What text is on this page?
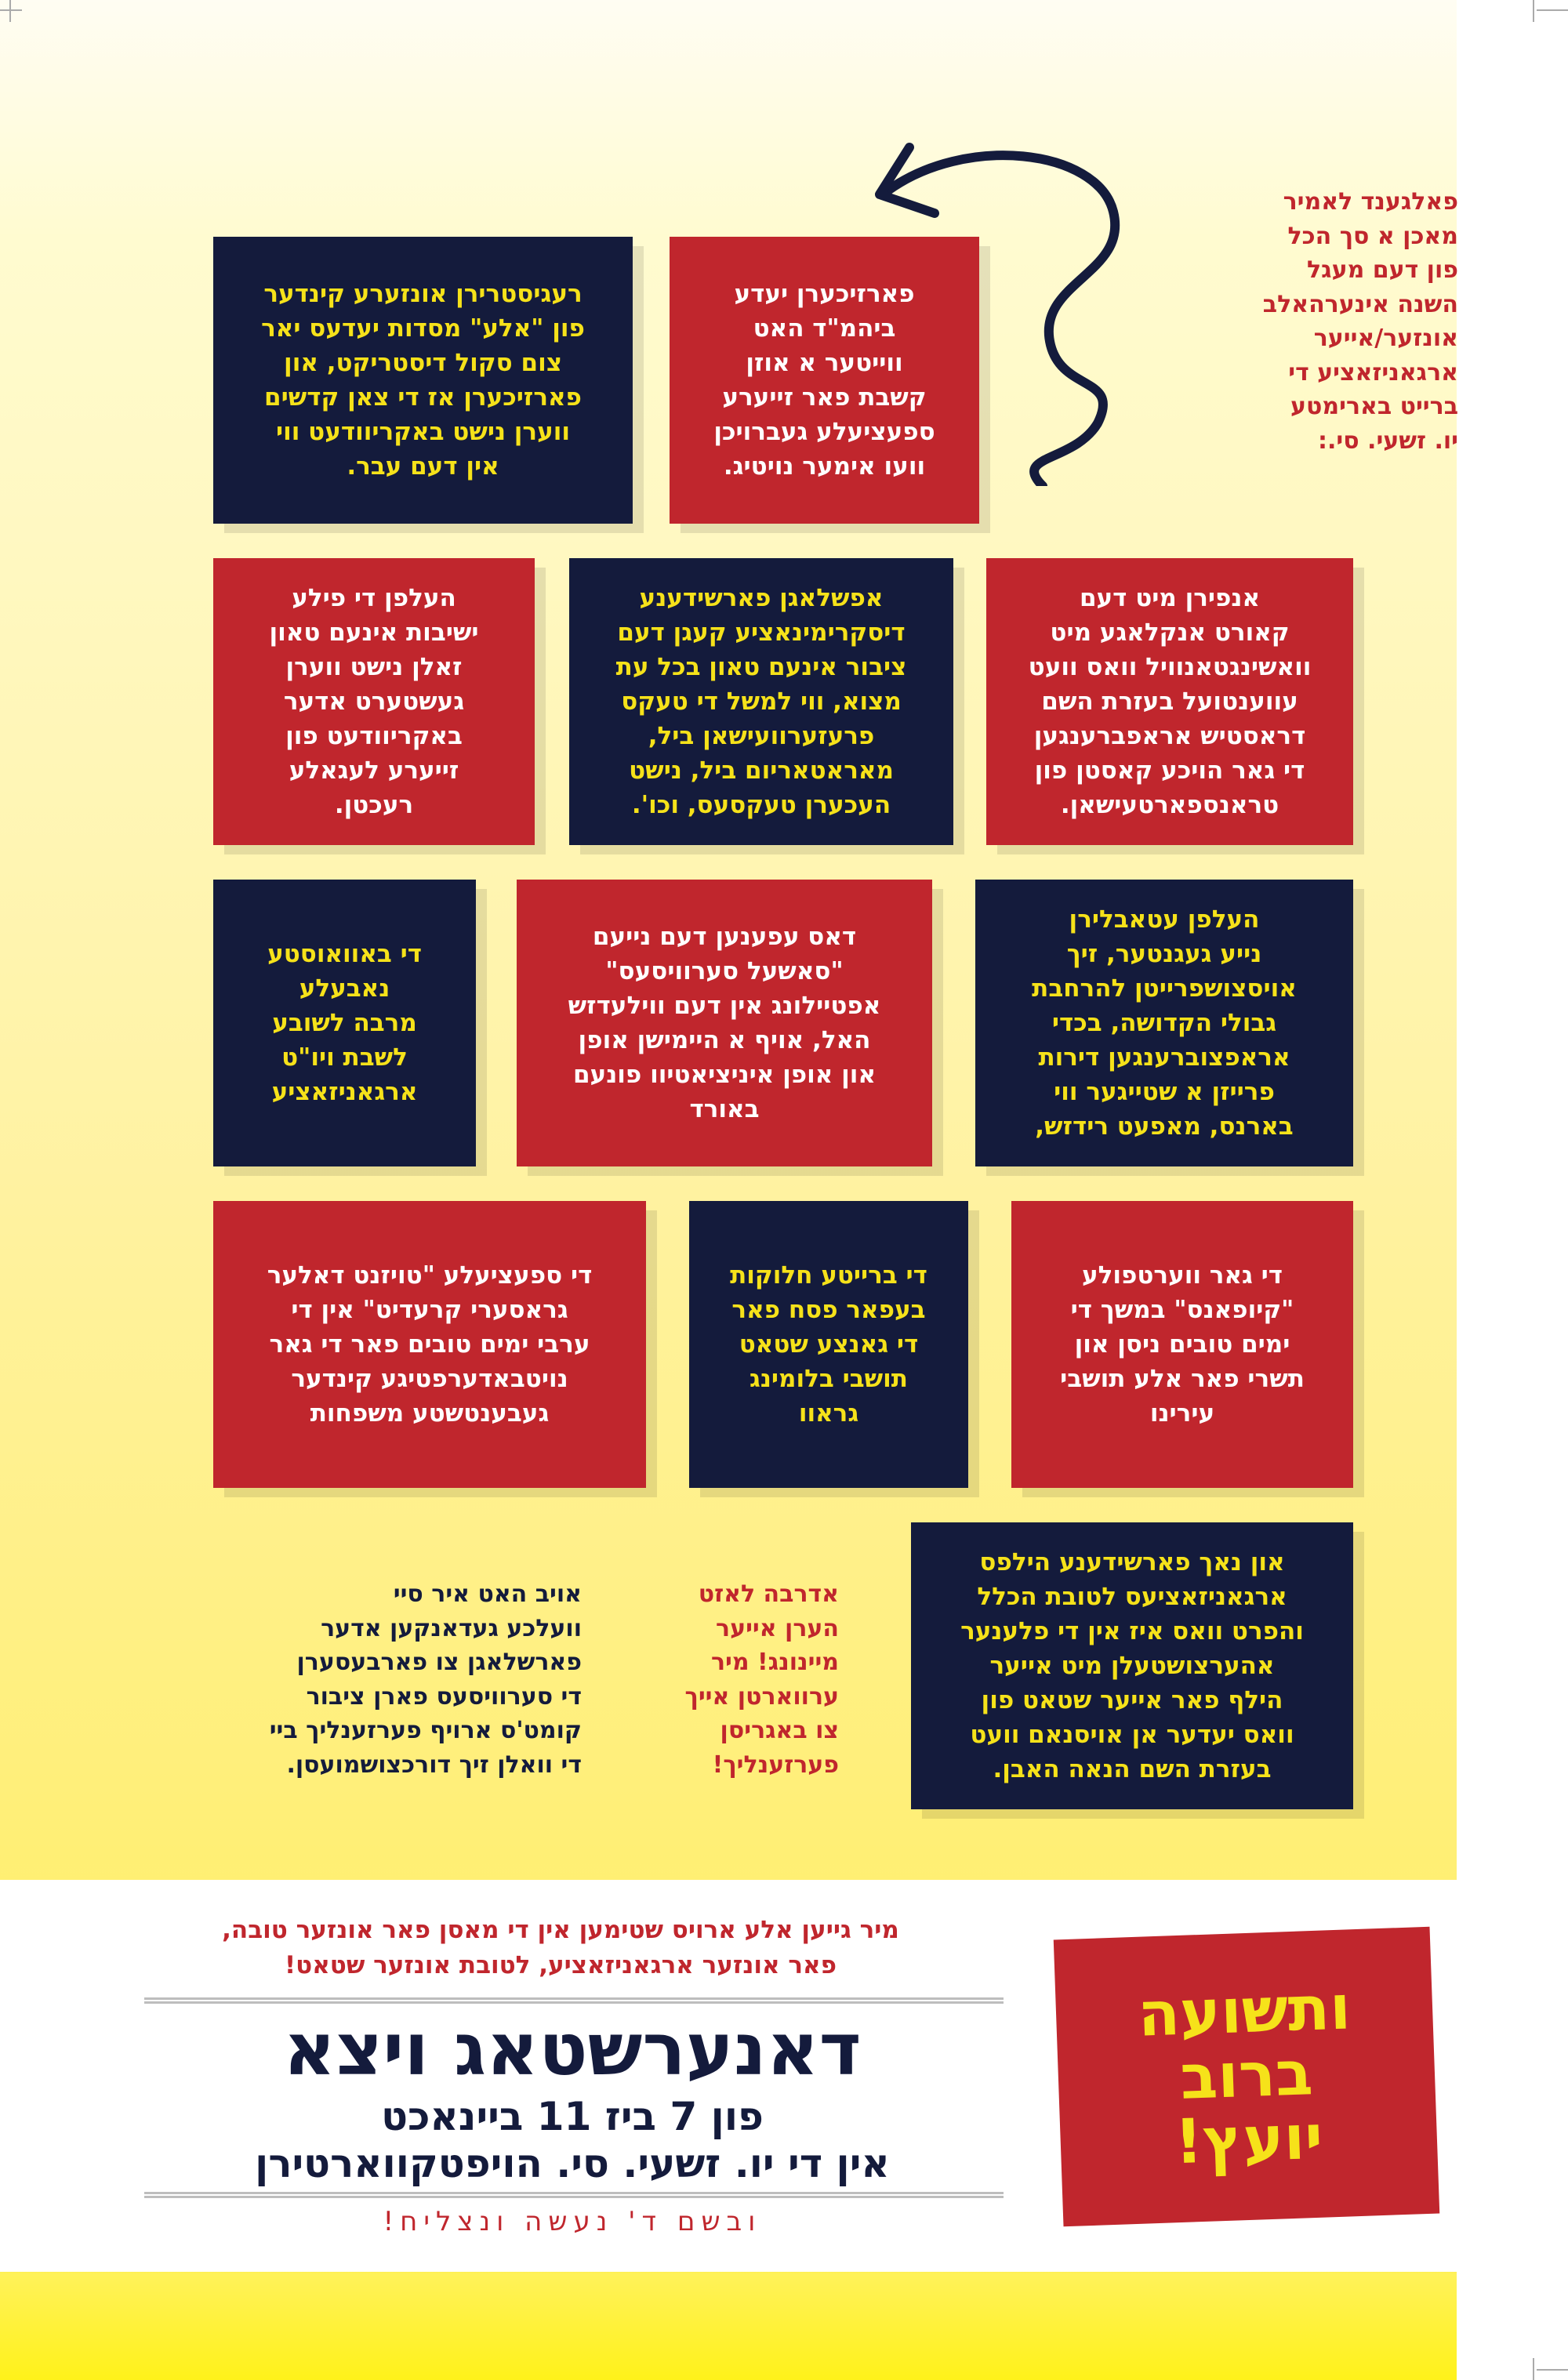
פאלגענד לאמיר
מאכן א סך הכל
פון דעם מעגל
השנה אינערהאלב
אונזער/אייער
ארגאניזאציע די
ברייט בארימטע
יו. זשעי. סי.:
רעגיסטרירן אונזערע קינדער
פון "אלע" מסדות יעדעס יאר
צום סקול דיסטריקט, און
פארזיכערן אז די צאן קדשים
ווערן נישט באקריוודעט ווי
אין דעם עבר.
פארזיכערן יעדע
ביהמ"ד האט
ווייטער א אוזן
קשבת פאר זייערע
ספעציעלע געברויכן
וועו אימער נויטיג.
העלפן די פילע
ישיבות אינעם טאון
זאלן נישט ווערן
געשטערט אדער
באקריוודעט פון
זייערע לעגאלע
רעכטן.
אפשלאגן פארשידענע
דיסקרימינאציע קעגן דעם
ציבור אינעם טאון בכל עת
מצוא, ווי למשל די טעקס
פרעזערוועישאן ביל,
מאראטאריום ביל, נישט
העכערן טעקסעס, וכו'.
אנפירן מיט דעם
קאורט אנקלאגע מיט
וואשינגטאנוויל וואס וועט
עווענטועל בעזרת השם
דראסטיש אראפברענגען
די גאר הויכע קאסטן פון
טראנספארטעישאן.
די באוואוסטע
נאבעלע
מרבה לשובע
לשבת ויו"ט
ארגאניזאציע
דאס עפענען דעם נייעם
"סאשעל סערוויסעס"
אפטיילונג אין דעם ווילעדזש
האל, אויף א היימישן אופן
און אופן איניציאטיוו פונעם
באורד
העלפן עטאבלירן
נייע געגנטער, זיך
אויסצושפרייטן להרחבת
גבולי הקדושה, בכדי
אראפצוברענגען דירות
פרייזן א שטייגער ווי
בארנס, מאפעט רידזש,
די ספעציעלע "טויזנט דאלער
גראסערי קרעדיט" אין די
ערבי ימים טובים פאר די גאר
נויטבאדערפטיגע קינדער
געבענטשטע משפחות
די ברייטע חלוקות
בעפאר פסח פאר
די גאנצע שטאט
תושבי בלומינג
גראוו
די גאר ווערטפולע
"קיופאנס" במשך די
ימים טובים ניסן און
תשרי פאר אלע תושבי
עירינו
אויב האט איר סיי
וועלכע געדאנקען אדער
פארשלאגן צו פארבעסערן
די סערוויסעס פארן ציבור
קומט'ס ארויף פערזענליך ביי
די וואלן זיך דורכצושמועסן.
אדרבה לאזט
הערן אייער
מיינונג! מיר
ערווארטן אייך
צו באגריסן
פערזענליך!
און נאך פארשידענע הילפס
ארגאניזאציעס לטובת הכלל
והפרט וואס איז אין די פלענער
אהערצושטעלן מיט אייער
הילף פאר אייער שטאט פון
וואס יעדער אן אויסנאם וועט
בעזרת השם הנאה האבן.
מיר גייען אלע ארויס שטימען אין די מאסן פאר אונזער טובה,
פאר אונזער ארגאניזאציע, לטובת אונזער שטאט!
דאנערשטאג ויצא
פון 7 ביז 11 ביינאכט
אין די יו. זשעי. סי. הויפטקווארטירן
ובשם ד' נעשה ונצליח!
ותשועה
ברוב
יועץ!
